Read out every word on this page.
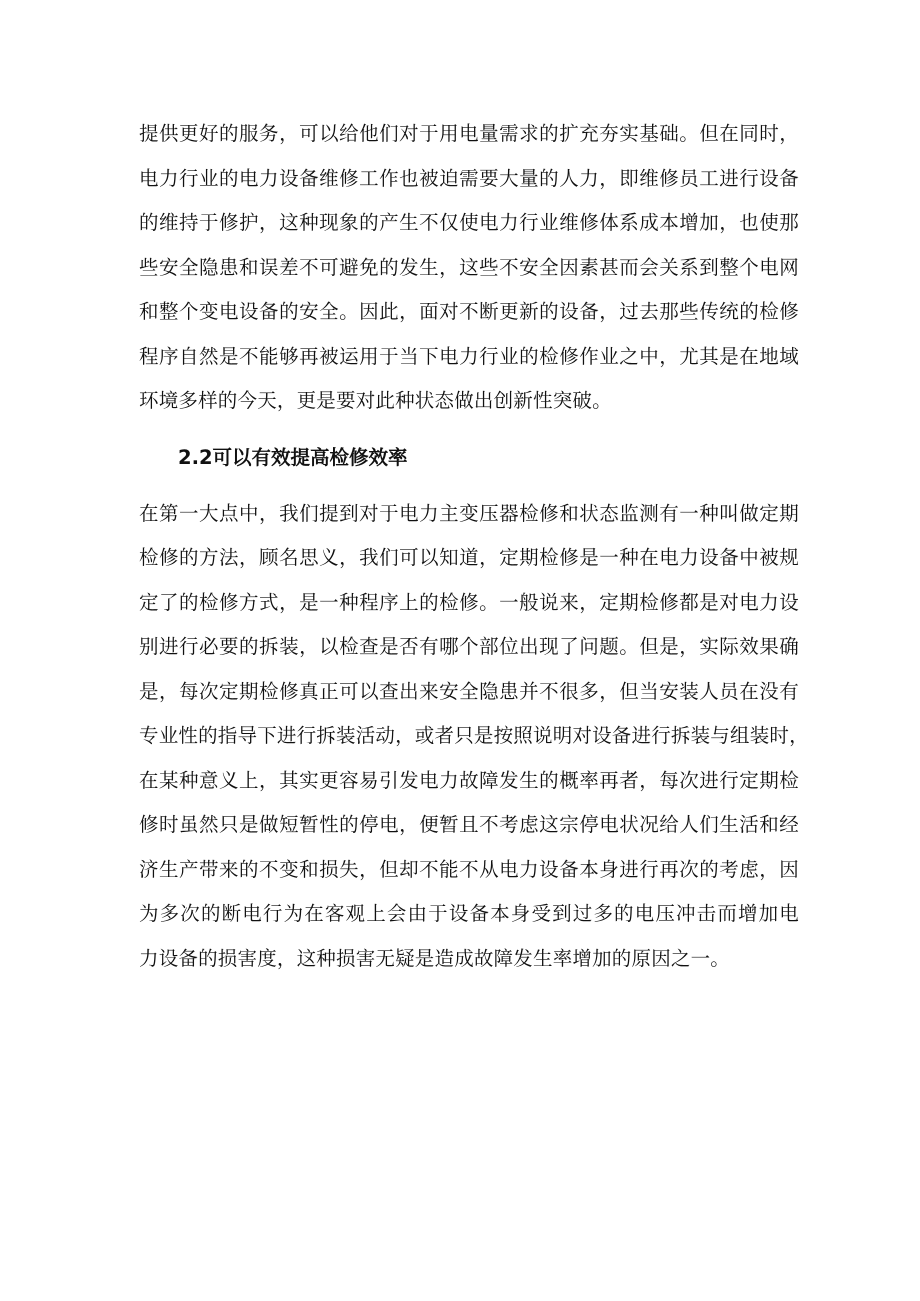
提供更好的服务，可以给他们对于用电量需求的扩充夯实基础。但在同时，
电力行业的电力设备维修工作也被迫需要大量的人力，即维修员工进行设备
的维持于修护，这种现象的产生不仅使电力行业维修体系成本增加，也使那
些安全隐患和误差不可避免的发生，这些不安全因素甚而会关系到整个电网
和整个变电设备的安全。因此，面对不断更新的设备，过去那些传统的检修
程序自然是不能够再被运用于当下电力行业的检修作业之中，尤其是在地域
环境多样的今天，更是要对此种状态做出创新性突破。
2.2可以有效提高检修效率
在第一大点中，我们提到对于电力主变压器检修和状态监测有一种叫做定期
检修的方法，顾名思义，我们可以知道，定期检修是一种在电力设备中被规
定了的检修方式，是一种程序上的检修。一般说来，定期检修都是对电力设
别进行必要的拆装，以检查是否有哪个部位出现了问题。但是，实际效果确
是，每次定期检修真正可以查出来安全隐患并不很多，但当安装人员在没有
专业性的指导下进行拆装活动，或者只是按照说明对设备进行拆装与组装时，
在某种意义上，其实更容易引发电力故障发生的概率再者，每次进行定期检
修时虽然只是做短暂性的停电，便暂且不考虑这宗停电状况给人们生活和经
济生产带来的不变和损失，但却不能不从电力设备本身进行再次的考虑，因
为多次的断电行为在客观上会由于设备本身受到过多的电压冲击而增加电
力设备的损害度，这种损害无疑是造成故障发生率增加的原因之一。
